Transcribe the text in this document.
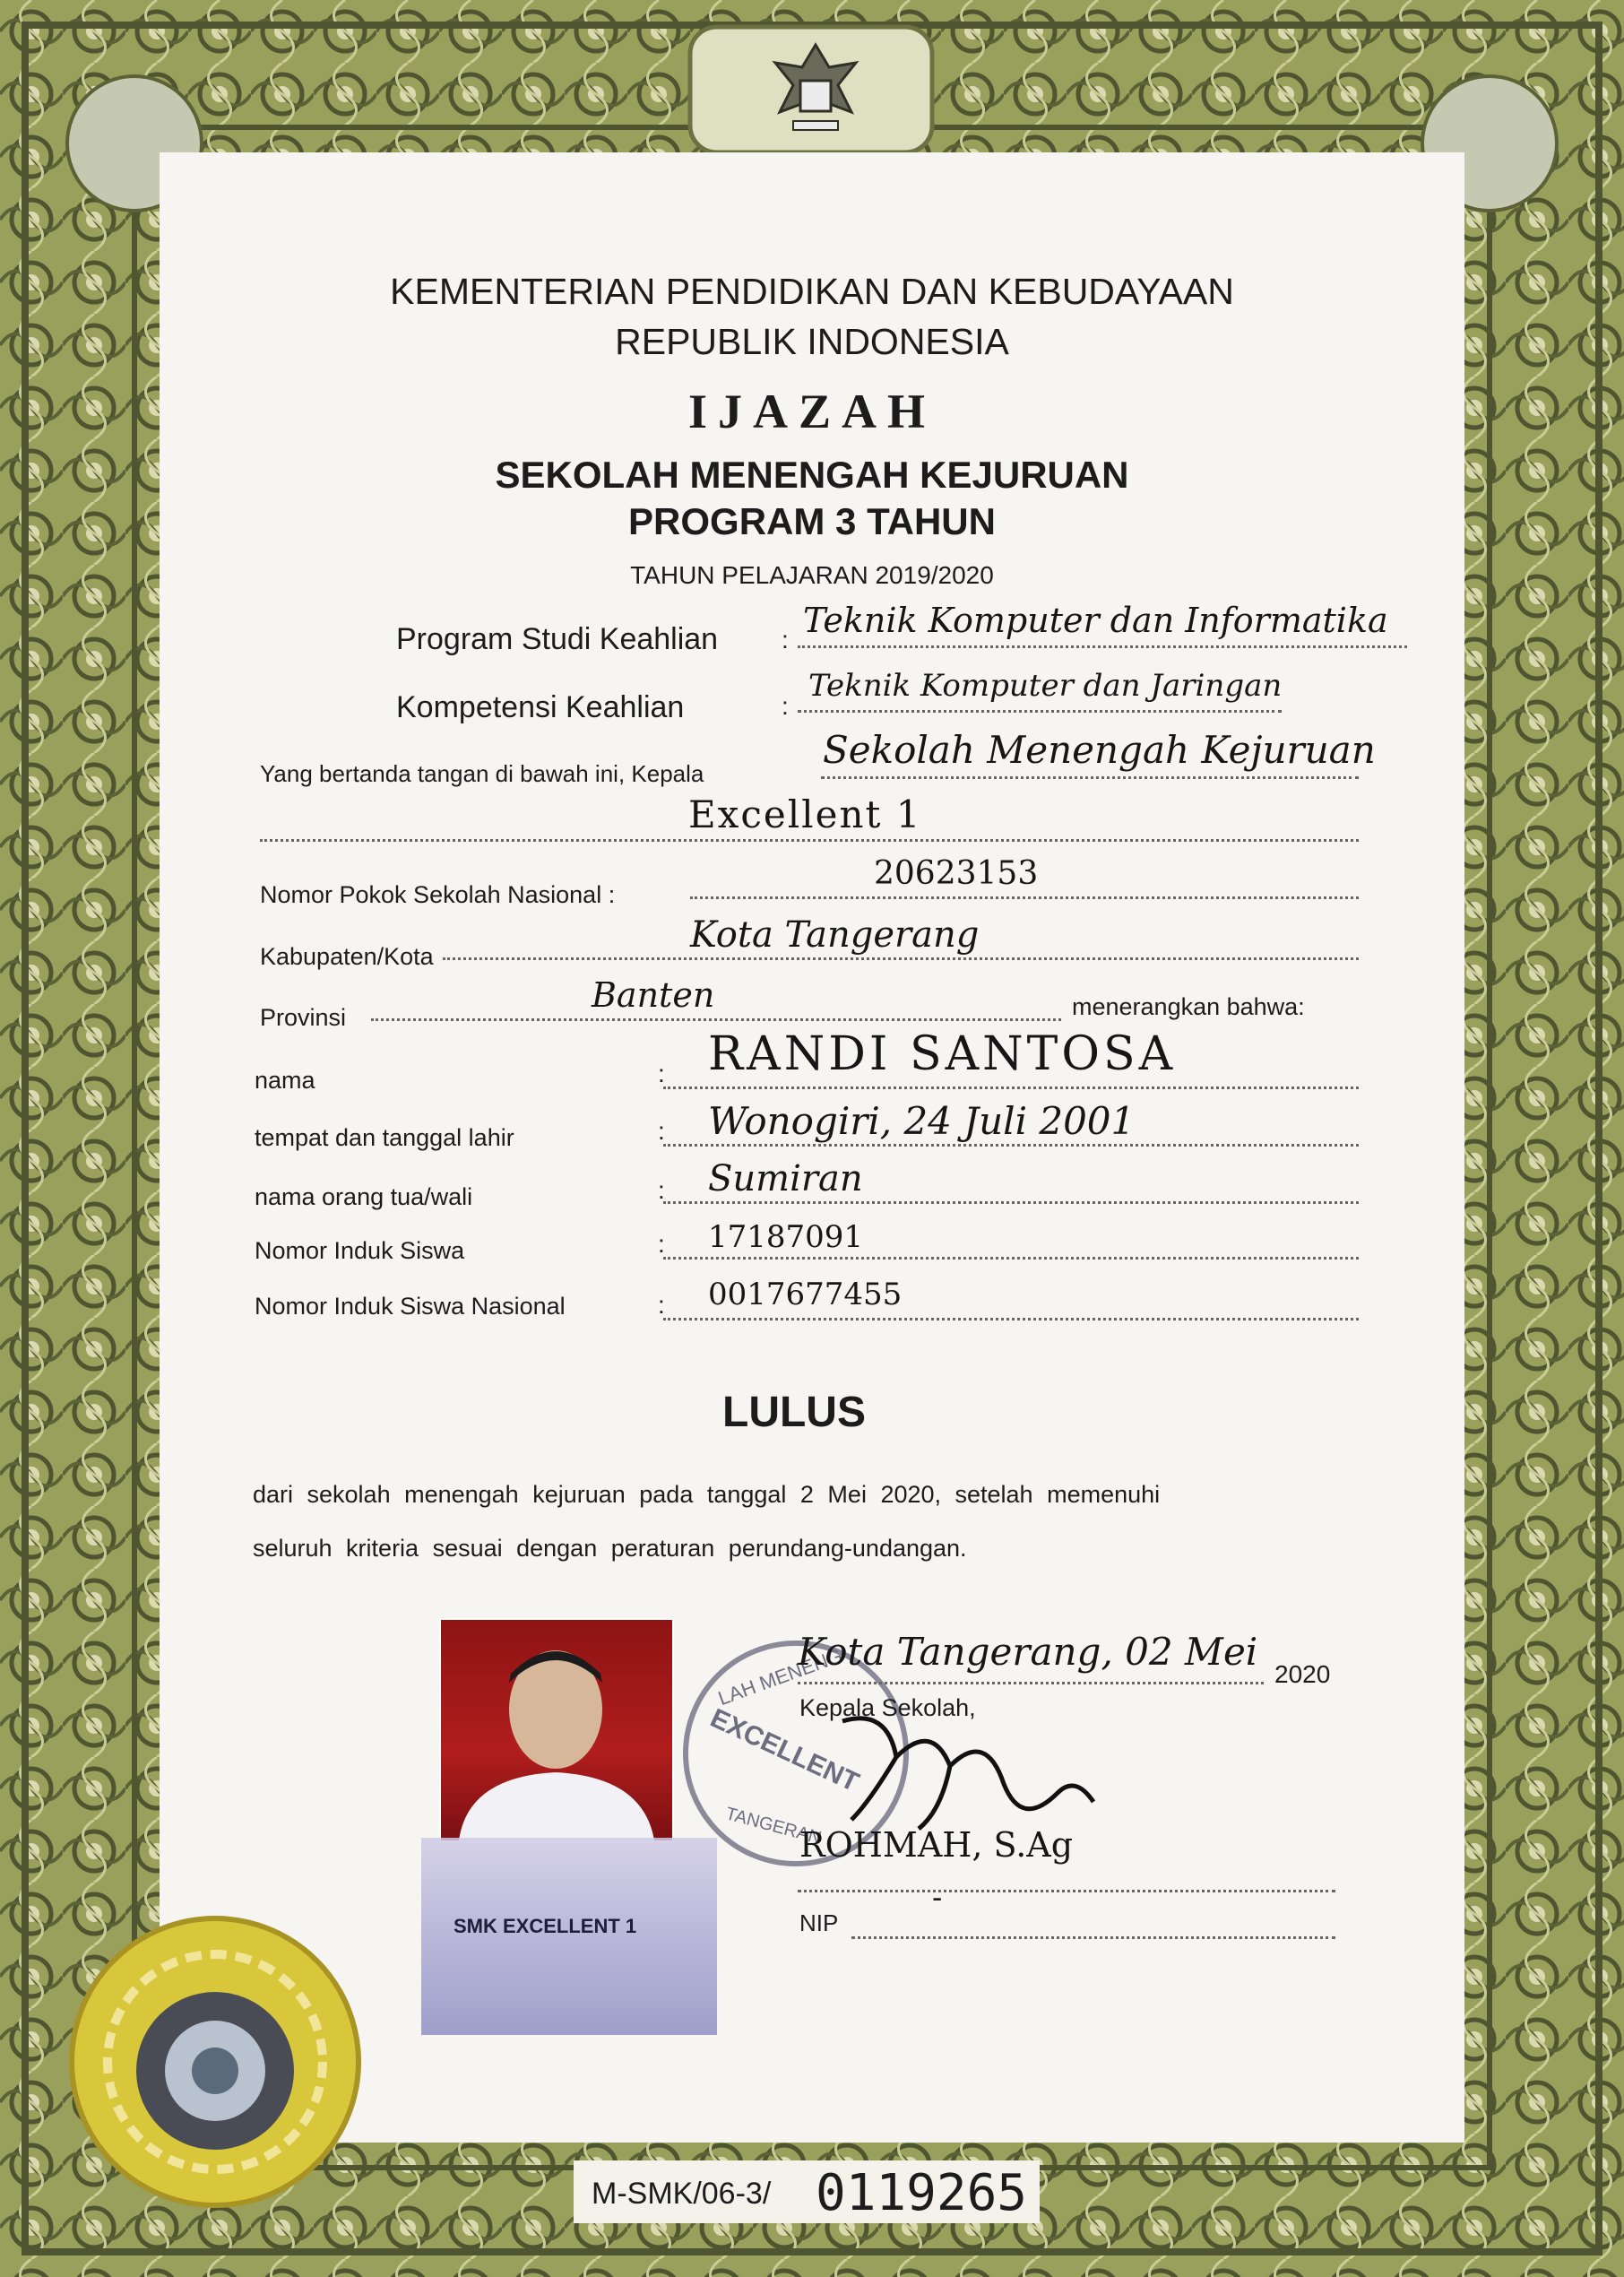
KEMENTERIAN PENDIDIKAN DAN KEBUDAYAAN
REPUBLIK INDONESIA
IJAZAH
SEKOLAH MENENGAH KEJURUAN
PROGRAM 3 TAHUN
TAHUN PELAJARAN 2019/2020
Program Studi Keahlian	: Teknik Komputer dan Informatika
Kompetensi Keahlian	:
Teknik Komputer dan Jaringan
Yang bertanda tangan di bawah ini, Kepala
Sekolah Menengah Kejuruan
Excellent 1
Nomor Pokok Sekolah Nasional :
20623153
Kabupaten/Kota
Kota Tangerang
Provinsi
Banten	menerangkan bahwa:
nama	: RANDI SANTOSA
tempat dan tanggal lahir	: Wonogiri, 24 Juli 2001
nama orang tua/wali	: Sumiran
Nomor Induk Siswa	: 17187091
Nomor Induk Siswa Nasional	: 0017677455
LULUS
dari sekolah menengah kejuruan pada tanggal 2 Mei 2020, setelah memenuhi
seluruh kriteria sesuai dengan peraturan perundang-undangan.
SMK EXCELLENT 1
LAH MENENG
EXCELLENT
TANGERAN
Kota Tangerang, 02 Mei
2020
Kepala Sekolah,
ROHMAH, S.Ag
NIP
-
M-SMK/06-3/ 0119265
